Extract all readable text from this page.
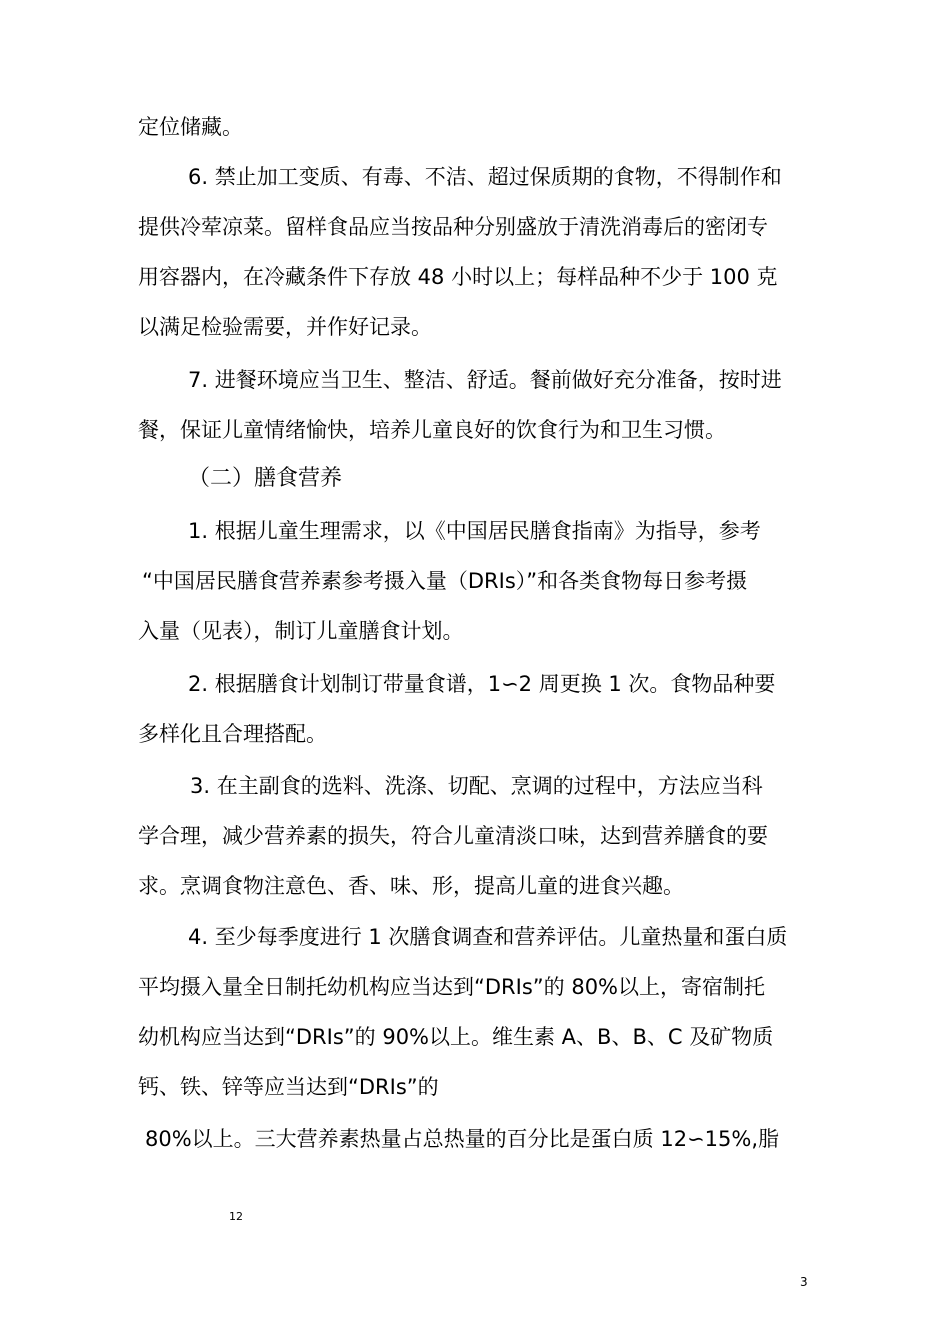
定位储藏。

6. 禁止加工变质、有毒、不洁、超过保质期的食物，不得制作和

提供冷荤凉菜。留样食品应当按品种分别盛放于清洗消毒后的密闭专

用容器内，在冷藏条件下存放 48 小时以上；每样品种不少于 100 克

以满足检验需要，并作好记录。

7. 进餐环境应当卫生、整洁、舒适。餐前做好充分准备，按时进

餐，保证儿童情绪愉快，培养儿童良好的饮食行为和卫生习惯。

（二）膳食营养

1. 根据儿童生理需求，以《中国居民膳食指南》为指导，参考

“中国居民膳食营养素参考摄入量（DRIs）”和各类食物每日参考摄

入量（见表），制订儿童膳食计划。

2. 根据膳食计划制订带量食谱，1∽2 周更换 1 次。食物品种要

多样化且合理搭配。

3. 在主副食的选料、洗涤、切配、烹调的过程中，方法应当科

学合理，减少营养素的损失，符合儿童清淡口味，达到营养膳食的要

求。烹调食物注意色、香、味、形，提高儿童的进食兴趣。

4. 至少每季度进行 1 次膳食调查和营养评估。儿童热量和蛋白质

平均摄入量全日制托幼机构应当达到“DRIs”的 80%以上，寄宿制托

幼机构应当达到“DRIs”的 90%以上。维生素 A、B、B、C 及矿物质

钙、铁、锌等应当达到“DRIs”的

80%以上。三大营养素热量占总热量的百分比是蛋白质 12∽15%,脂

12
3
